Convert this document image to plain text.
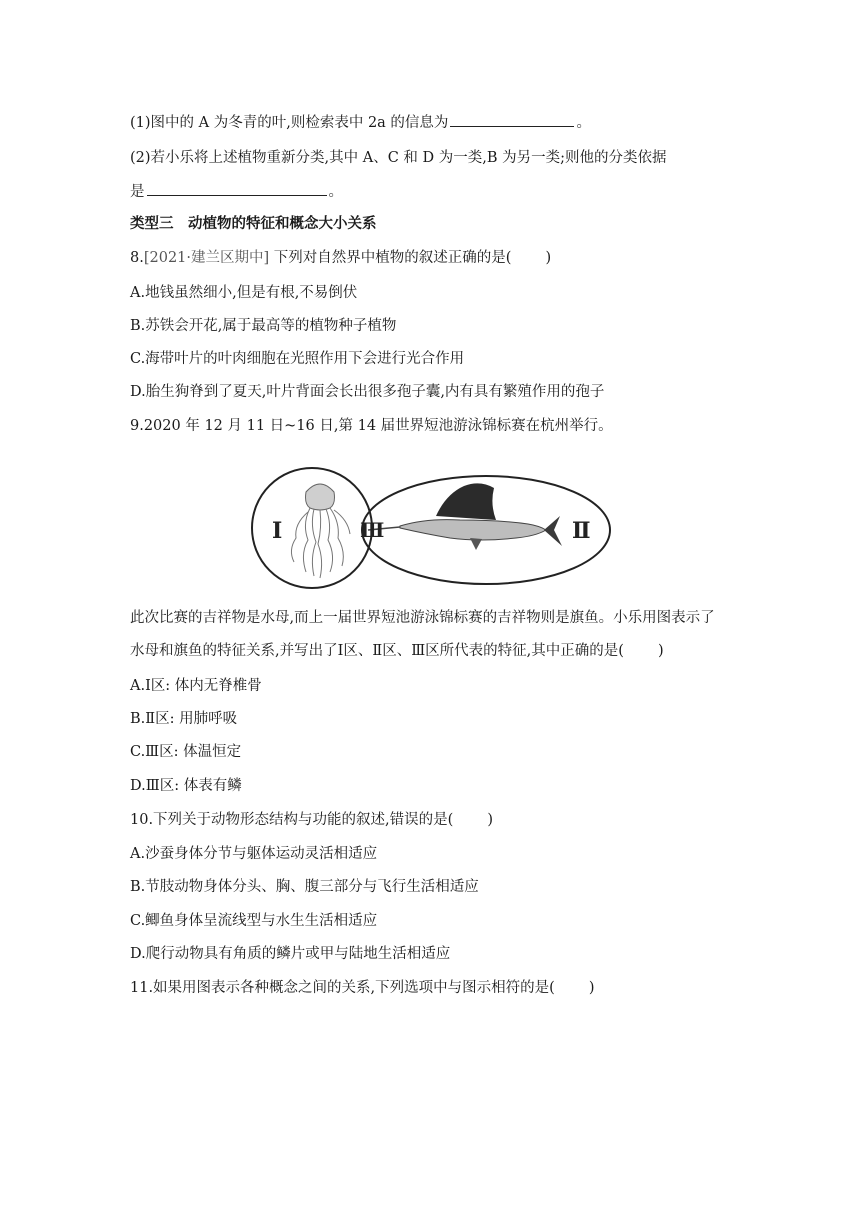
(1)图中的 A 为冬青的叶,则检索表中 2a 的信息为	。
(2)若小乐将上述植物重新分类,其中 A、C 和 D 为一类,B 为另一类;则他的分类依据
是	。
类型三　动植物的特征和概念大小关系
8.[2021·建兰区期中] 下列对自然界中植物的叙述正确的是( )
A.地钱虽然细小,但是有根,不易倒伏
B.苏铁会开花,属于最高等的植物种子植物
C.海带叶片的叶肉细胞在光照作用下会进行光合作用
D.胎生狗脊到了夏天,叶片背面会长出很多孢子囊,内有具有繁殖作用的孢子
9.2020 年 12 月 11 日~16 日,第 14 届世界短池游泳锦标赛在杭州举行。
Ⅰ	Ⅲ	Ⅱ
此次比赛的吉祥物是水母,而上一届世界短池游泳锦标赛的吉祥物则是旗鱼。小乐用图表示了
水母和旗鱼的特征关系,并写出了Ⅰ区、Ⅱ区、Ⅲ区所代表的特征,其中正确的是( )
A.Ⅰ区: 体内无脊椎骨
B.Ⅱ区: 用肺呼吸
C.Ⅲ区: 体温恒定
D.Ⅲ区: 体表有鳞
10.下列关于动物形态结构与功能的叙述,错误的是( )
A.沙蚕身体分节与躯体运动灵活相适应
B.节肢动物身体分头、胸、腹三部分与飞行生活相适应
C.鲫鱼身体呈流线型与水生生活相适应
D.爬行动物具有角质的鳞片或甲与陆地生活相适应
11.如果用图表示各种概念之间的关系,下列选项中与图示相符的是( )
